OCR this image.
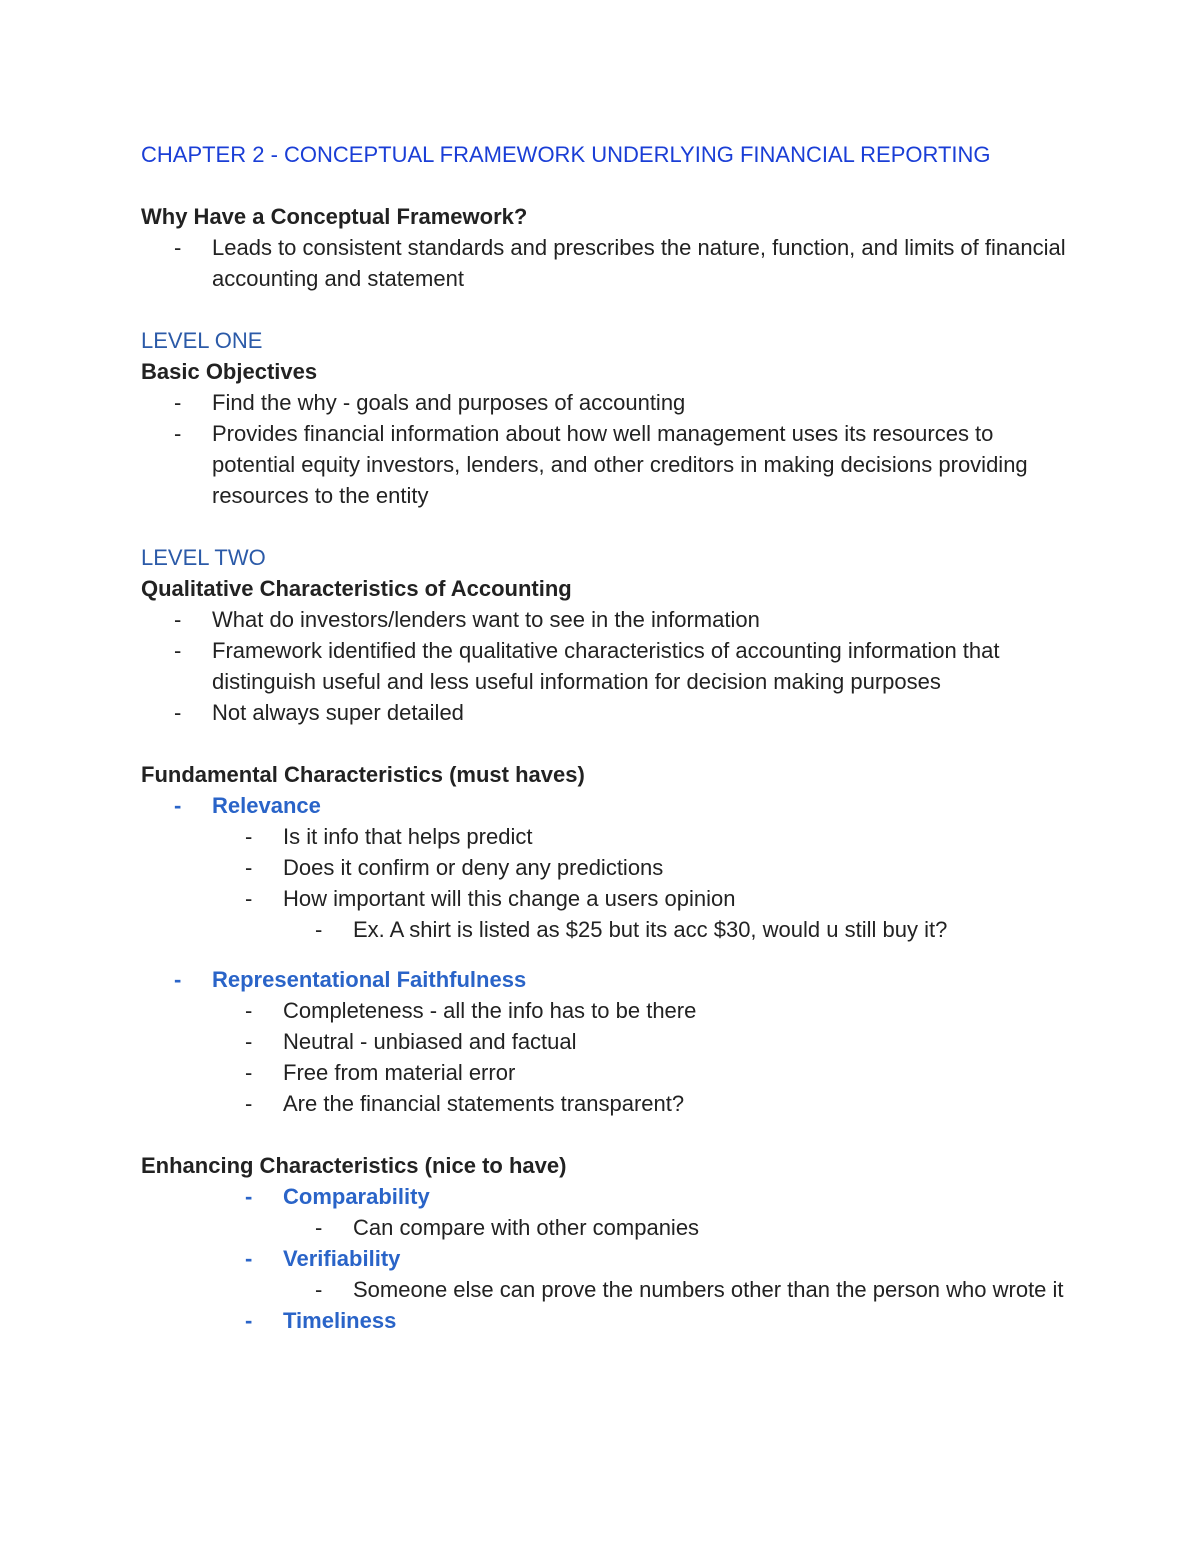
CHAPTER 2 - CONCEPTUAL FRAMEWORK UNDERLYING FINANCIAL REPORTING

Why Have a Conceptual Framework?

- Leads to consistent standards and prescribes the nature, function, and limits of financial accounting and statement

LEVEL ONE

Basic Objectives

- Find the why - goals and purposes of accounting
- Provides financial information about how well management uses its resources to potential equity investors, lenders, and other creditors in making decisions providing resources to the entity

LEVEL TWO

Qualitative Characteristics of Accounting

- What do investors/lenders want to see in the information
- Framework identified the qualitative characteristics of accounting information that distinguish useful and less useful information for decision making purposes
- Not always super detailed

Fundamental Characteristics (must haves)

- Relevance
- Is it info that helps predict
- Does it confirm or deny any predictions
- How important will this change a users opinion
- Ex. A shirt is listed as $25 but its acc $30, would u still buy it?
- Representational Faithfulness
- Completeness - all the info has to be there
- Neutral - unbiased and factual
- Free from material error
- Are the financial statements transparent?

Enhancing Characteristics (nice to have)

- Comparability
- Can compare with other companies
- Verifiability
- Someone else can prove the numbers other than the person who wrote it
- Timeliness
